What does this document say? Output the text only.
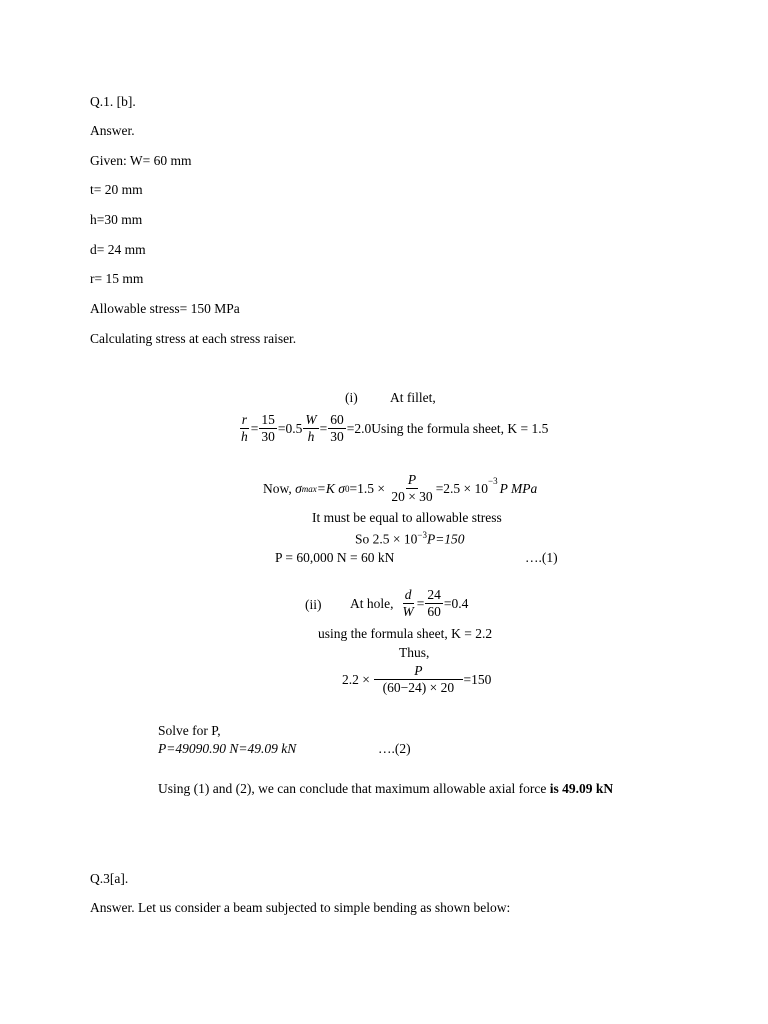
Q.1. [b].
Answer.
Given: W= 60 mm
t= 20 mm
h=30 mm
d= 24 mm
r= 15 mm
Allowable stress= 150 MPa
Calculating stress at each stress raiser.
(i) At fillet,
$\frac{r}{h} = \frac{15}{30} =0.5 \frac{W}{h} = \frac{60}{30} =2.0$ Using the formula sheet, K = 1.5
Now, σ max =K σ $0 =1.5 \times \frac{P}{20 \times 30} =2.5 \times 10^{-3}$ P MPa
It must be equal to allowable stress
So $2.5 \times 10^{-3}P=150$
P = 60,000 N = 60 kN	….(1)
(ii) At hole, $\frac{d}{W} = \frac{24}{60} =0.4$
using the formula sheet, K = 2.2
Thus,
$2.2 \times \frac{P}{(60-24) \times 20} =150$
Solve for P,
P=49090.90 N=49.09 kN	….(2)
Using (1) and (2), we can conclude that maximum allowable axial force is 49.09 kN
Q.3[a].
Answer. Let us consider a beam subjected to simple bending as shown below:
